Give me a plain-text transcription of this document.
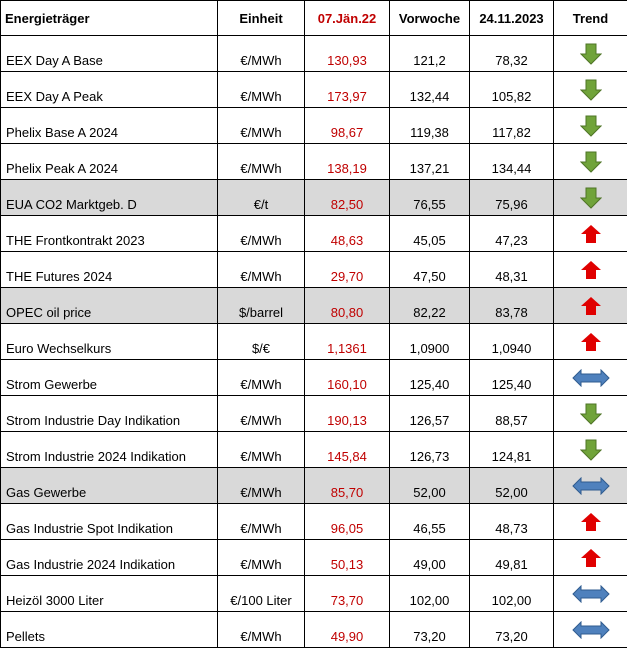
Energieträger	Einheit	07.Jän.22	Vorwoche	24.11.2023	Trend
EEX Day A Base	€/MWh	130,93	121,2	78,32	

EEX Day A Peak	€/MWh	173,97	132,44	105,82	

Phelix Base A 2024	€/MWh	98,67	119,38	117,82	

Phelix Peak A 2024	€/MWh	138,19	137,21	134,44	

EUA CO2 Marktgeb. D	€/t	82,50	76,55	75,96	

THE Frontkontrakt 2023	€/MWh	48,63	45,05	47,23	

THE Futures 2024	€/MWh	29,70	47,50	48,31	

OPEC oil price	$/barrel	80,80	82,22	83,78	

Euro Wechselkurs	$/€	1,1361	1,0900	1,0940	

Strom Gewerbe	€/MWh	160,10	125,40	125,40	

Strom Industrie Day Indikation	€/MWh	190,13	126,57	88,57	

Strom Industrie 2024 Indikation	€/MWh	145,84	126,73	124,81	

Gas Gewerbe	€/MWh	85,70	52,00	52,00	

Gas Industrie Spot Indikation	€/MWh	96,05	46,55	48,73	

Gas Industrie 2024 Indikation	€/MWh	50,13	49,00	49,81	

Heizöl 3000 Liter	€/100 Liter	73,70	102,00	102,00	

Pellets	€/MWh	49,90	73,20	73,20	
